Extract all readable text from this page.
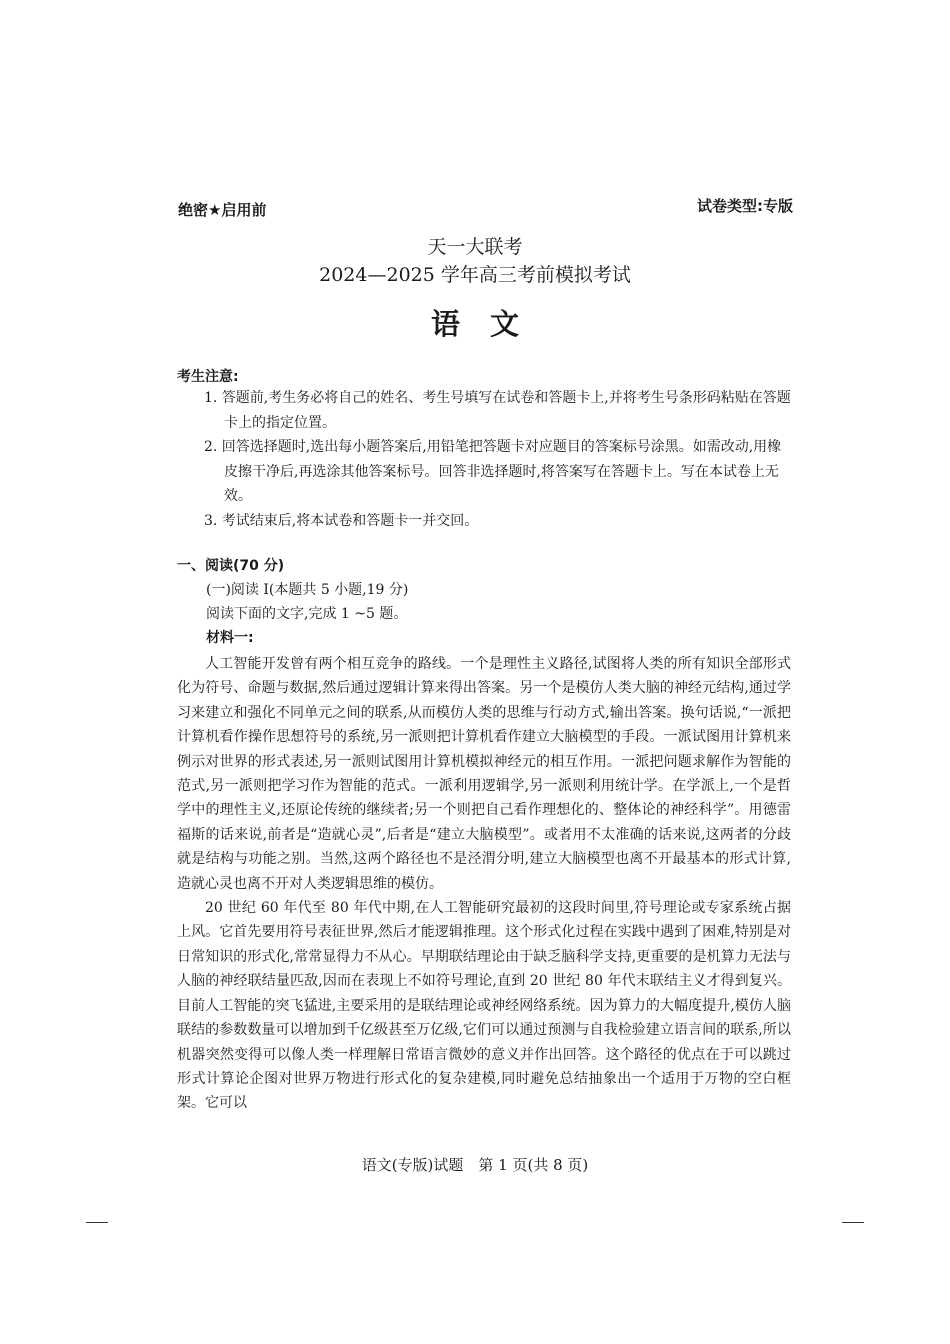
绝密★启用前	试卷类型:专版
天一大联考
2024—2025 学年高三考前模拟考试
语文
考生注意:

1. 答题前,考生务必将自己的姓名、考生号填写在试卷和答题卡上,并将考生号条形码粘贴在答题卡上的指定位置。

2. 回答选择题时,选出每小题答案后,用铅笔把答题卡对应题目的答案标号涂黑。如需改动,用橡皮擦干净后,再选涂其他答案标号。回答非选择题时,将答案写在答题卡上。写在本试卷上无效。

3. 考试结束后,将本试卷和答题卡一并交回。

一、阅读(70 分)
(一)阅读 I(本题共 5 小题,19 分)
阅读下面的文字,完成 1 ~5 题。
材料一:

人工智能开发曾有两个相互竞争的路线。一个是理性主义路径,试图将人类的所有知识全部形式化为符号、命题与数据,然后通过逻辑计算来得出答案。另一个是模仿人类大脑的神经元结构,通过学习来建立和强化不同单元之间的联系,从而模仿人类的思维与行动方式,输出答案。换句话说,“一派把计算机看作操作思想符号的系统,另一派则把计算机看作建立大脑模型的手段。一派试图用计算机来例示对世界的形式表述,另一派则试图用计算机模拟神经元的相互作用。一派把问题求解作为智能的范式,另一派则把学习作为智能的范式。一派利用逻辑学,另一派则利用统计学。在学派上,一个是哲学中的理性主义,还原论传统的继续者;另一个则把自己看作理想化的、整体论的神经科学”。用德雷福斯的话来说,前者是“造就心灵”,后者是“建立大脑模型”。或者用不太准确的话来说,这两者的分歧就是结构与功能之别。当然,这两个路径也不是泾渭分明,建立大脑模型也离不开最基本的形式计算,造就心灵也离不开对人类逻辑思维的模仿。

20 世纪 60 年代至 80 年代中期,在人工智能研究最初的这段时间里,符号理论或专家系统占据上风。它首先要用符号表征世界,然后才能逻辑推理。这个形式化过程在实践中遇到了困难,特别是对日常知识的形式化,常常显得力不从心。早期联结理论由于缺乏脑科学支持,更重要的是机算力无法与人脑的神经联结量匹敌,因而在表现上不如符号理论,直到 20 世纪 80 年代末联结主义才得到复兴。目前人工智能的突飞猛进,主要采用的是联结理论或神经网络系统。因为算力的大幅度提升,模仿人脑联结的参数数量可以增加到千亿级甚至万亿级,它们可以通过预测与自我检验建立语言间的联系,所以机器突然变得可以像人类一样理解日常语言微妙的意义并作出回答。这个路径的优点在于可以跳过形式计算论企图对世界万物进行形式化的复杂建模,同时避免总结抽象出一个适用于万物的空白框架。它可以

语文(专版)试题　第 1 页(共 8 页)
